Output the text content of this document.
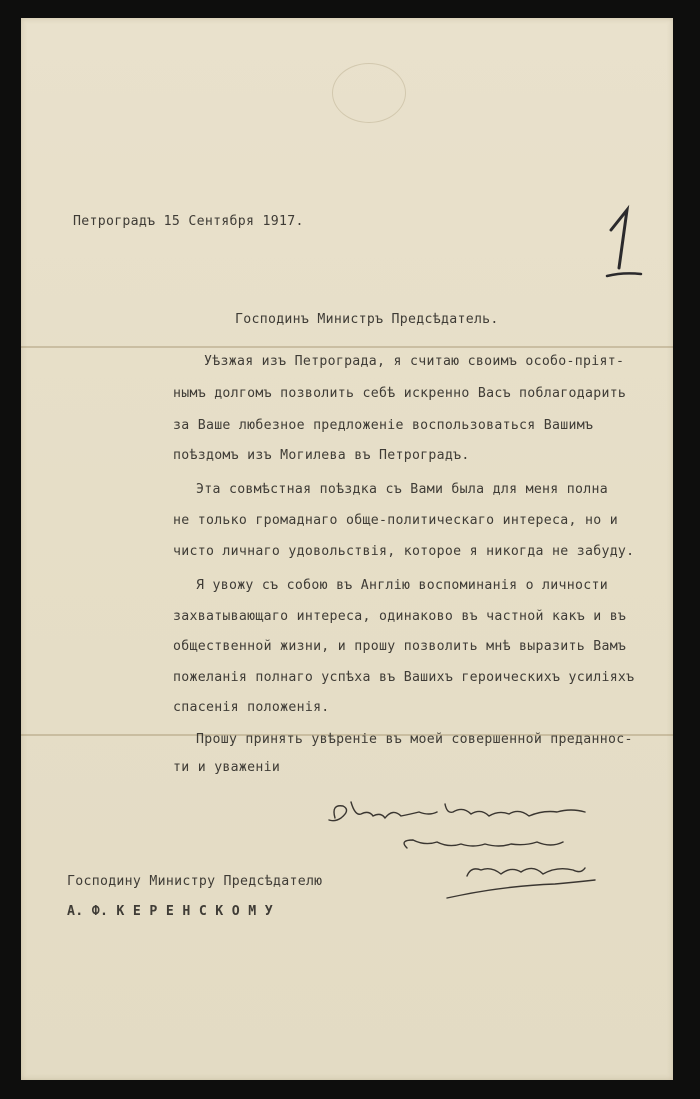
Петроградъ 15 Сентября 1917.
Господинъ Министръ Предсѣдатель.
Уѣзжая изъ Петрограда, я считаю своимъ особо-прiят-
нымъ долгомъ позволить себѣ искренно Васъ поблагодарить
за Ваше любезное предложенiе воспользоваться Вашимъ
поѣздомъ изъ Могилева въ Петроградъ.
Эта совмѣстная поѣздка съ Вами была для меня полна
не только громаднаго обще-политическаго интереса, но и
чисто личнаго удовольствiя, которое я никогда не забуду.
Я увожу съ собою въ Англiю воспоминанiя о личности
захватывающаго интереса, одинаково въ частной какъ и въ
общественной жизни, и прошу позволить мнѣ выразить Вамъ
пожеланiя полнаго успѣха въ Вашихъ героическихъ усилiяхъ
спасенiя положенiя.
Прошу принять увѣренiе въ моей совершенной преданнос-
ти и уваженiи
Господину Министру Предсѣдателю
А. Ф. К Е Р Е Н С К О М У
